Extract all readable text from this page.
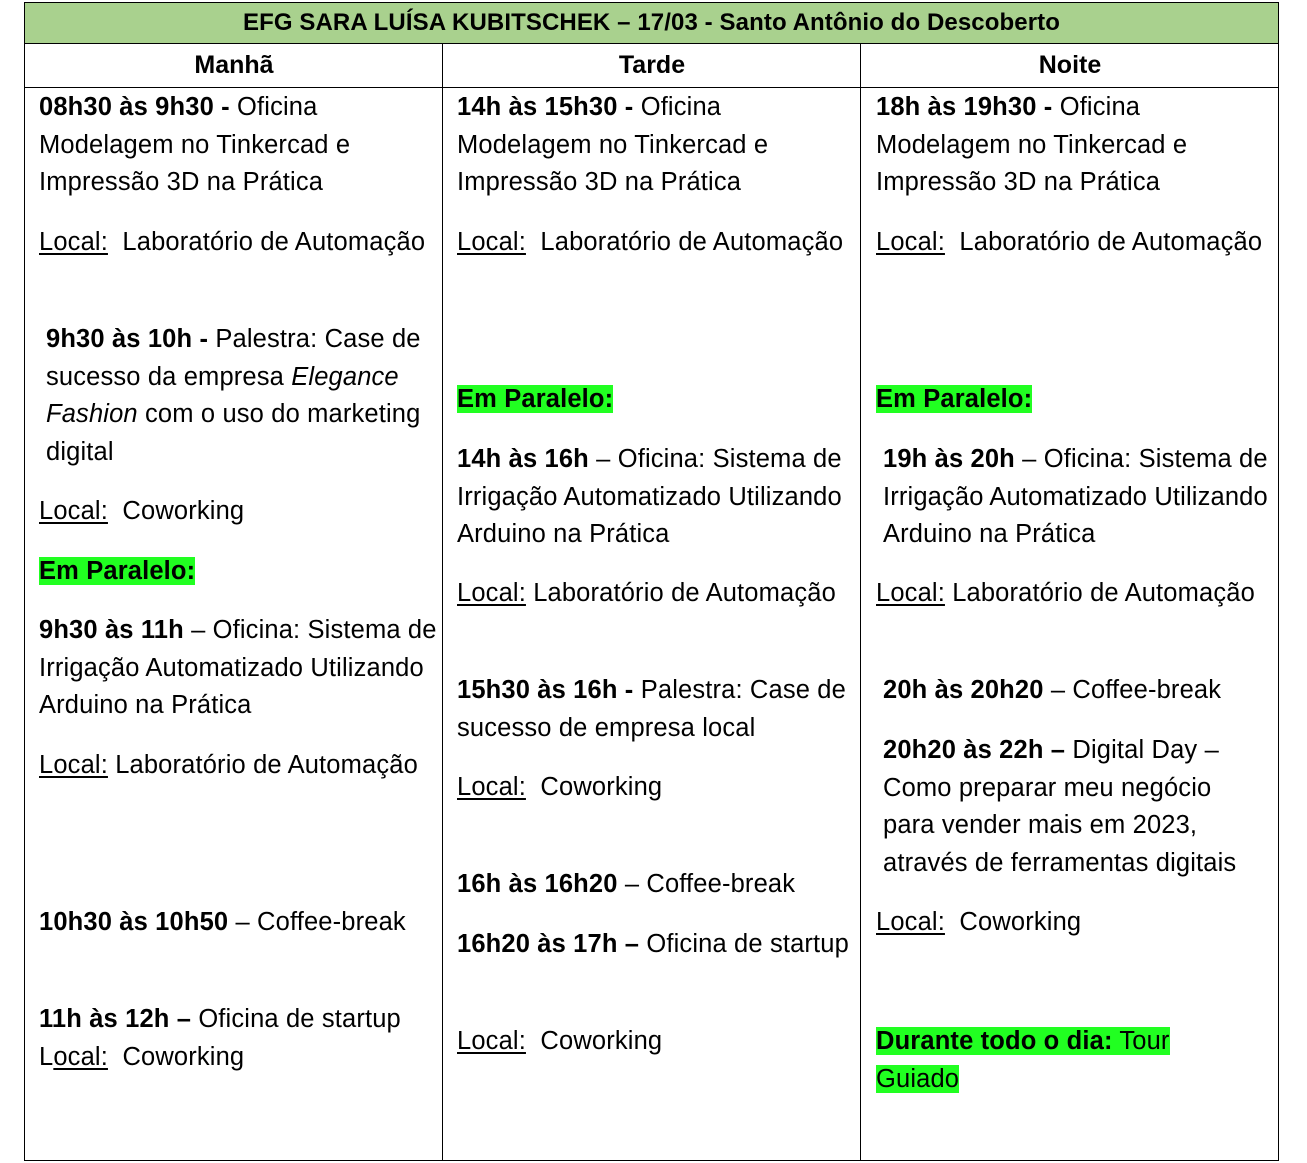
EFG SARA LUÍSA KUBITSCHEK – 17/03 - Santo Antônio do Descoberto
Manhã	Tarde	Noite

08h30 às 9h30 - Oficina Modelagem no Tinkercad e Impressão 3D na Prática

Local:  Laboratório de Automação

9h30 às 10h - Palestra: Case de sucesso da empresa Elegance Fashion com o uso do marketing digital

Local:  Coworking

Em Paralelo:

9h30 às 11h – Oficina: Sistema de Irrigação Automatizado Utilizando Arduino na Prática

Local: Laboratório de Automação

10h30 às 10h50 – Coffee-break

11h às 12h – Oficina de startup
Local:  Coworking

14h às 15h30 - Oficina Modelagem no Tinkercad e Impressão 3D na Prática

Local:  Laboratório de Automação

Em Paralelo:

14h às 16h – Oficina: Sistema de Irrigação Automatizado Utilizando Arduino na Prática

Local: Laboratório de Automação

15h30 às 16h - Palestra: Case de sucesso de empresa local

Local:  Coworking

16h às 16h20 – Coffee-break

16h20 às 17h – Oficina de startup

Local:  Coworking

18h às 19h30 - Oficina Modelagem no Tinkercad e Impressão 3D na Prática

Local:  Laboratório de Automação

Em Paralelo:

19h às 20h – Oficina: Sistema de Irrigação Automatizado Utilizando Arduino na Prática

Local: Laboratório de Automação

20h às 20h20 – Coffee-break

20h20 às 22h – Digital Day – Como preparar meu negócio para vender mais em 2023, através de ferramentas digitais

Local:  Coworking

Durante todo o dia: Tour Guiado
